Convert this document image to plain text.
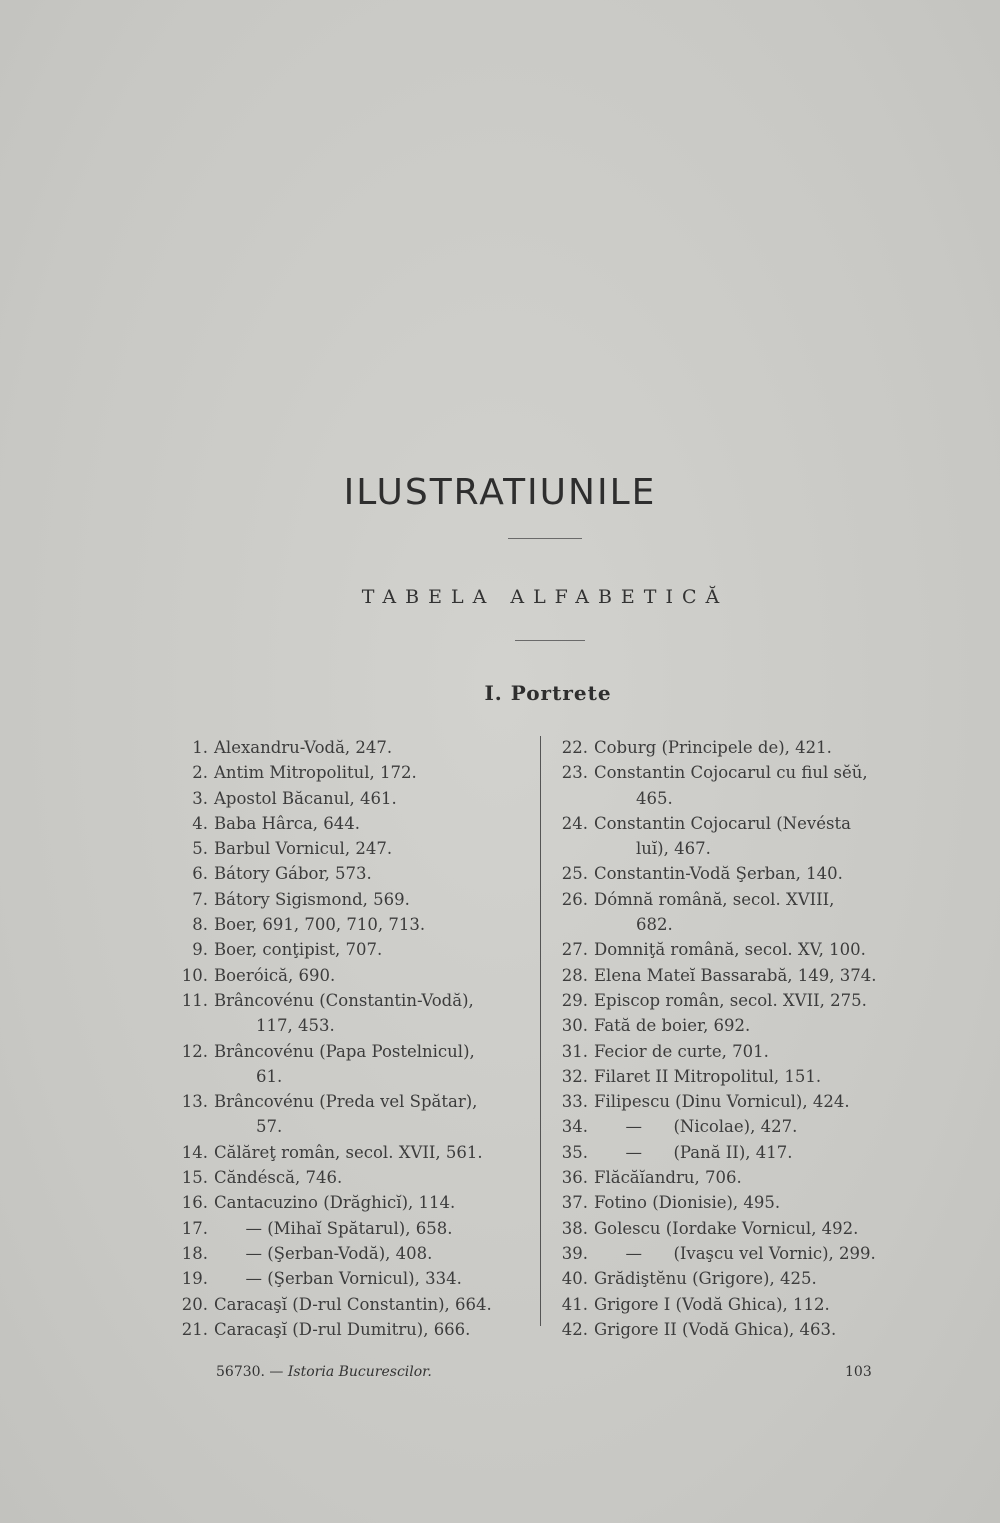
ILUSTRATIUNILE
TABELA ALFABETICĂ
I. Portrete
1. Alexandru-Vodă, 247.
2. Antim Mitropolitul, 172.
3. Apostol Băcanul, 461.
4. Baba Hârca, 644.
5. Barbul Vornicul, 247.
6. Bátory Gábor, 573.
7. Bátory Sigismond, 569.
8. Boer, 691, 700, 710, 713.
9. Boer, conţipist, 707.
10. Boeróică, 690.
11. Brâncovénu (Constantin-Vodă),
117, 453.
12. Brâncovénu (Papa Postelnicul),
61.
13. Brâncovénu (Preda vel Spătar),
57.
14. Călăreţ român, secol. XVII, 561.
15. Căndéscă, 746.
16. Cantacuzino (Drăghicĭ), 114.
17. — (Mihaĭ Spătarul), 658.
18. — (Şerban-Vodă), 408.
19. — (Şerban Vornicul), 334.
20. Caracaşĭ (D-rul Constantin), 664.
21. Caracaşĭ (D-rul Dumitru), 666.
22. Coburg (Principele de), 421.
23. Constantin Cojocarul cu fiul sĕŭ,
465.
24. Constantin Cojocarul (Nevésta
luĭ), 467.
25. Constantin-Vodă Şerban, 140.
26. Dómnă română, secol. XVIII,
682.
27. Domniţă română, secol. XV, 100.
28. Elena Mateĭ Bassarabă, 149, 374.
29. Episcop român, secol. XVII, 275.
30. Fată de boier, 692.
31. Fecior de curte, 701.
32. Filaret II Mitropolitul, 151.
33. Filipescu (Dinu Vornicul), 424.
34. —      (Nicolae), 427.
35. —      (Pană II), 417.
36. Flăcăĭandru, 706.
37. Fotino (Dionisie), 495.
38. Golescu (Iordake Vornicul, 492.
39. —      (Ivaşcu vel Vornic), 299.
40. Grădiştĕnu (Grigore), 425.
41. Grigore I (Vodă Ghica), 112.
42. Grigore II (Vodă Ghica), 463.
56730. — Istoria Bucurescilor.	103
